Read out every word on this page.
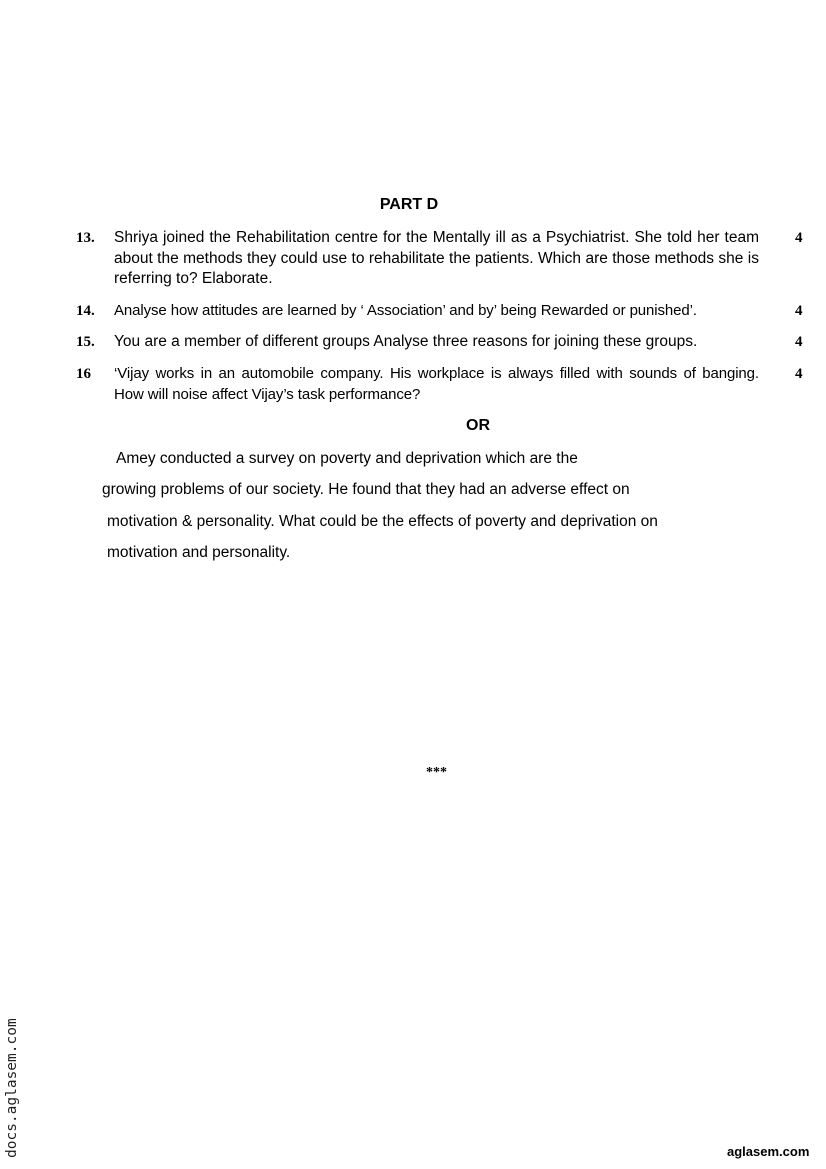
PART D
13. Shriya joined the Rehabilitation centre for the Mentally ill as a Psychiatrist. She told her team about the methods they could use to rehabilitate the patients. Which are those methods she is referring to? Elaborate.
4
14. Analyse how attitudes are learned by ‘ Association’ and by’ being Rewarded or punished’.	4
15. You are a member of different groups Analyse three reasons for joining these groups.	4
16 ‘Vijay works in an automobile company. His workplace is always filled with sounds of banging. How will noise affect Vijay’s task performance?
4
OR
Amey conducted a survey on poverty and deprivation which are the
growing problems of our society. He found that they had an adverse effect on
motivation & personality. What could be the effects of poverty and deprivation on
motivation and personality.
***
docs.aglasem.com	aglasem.com
